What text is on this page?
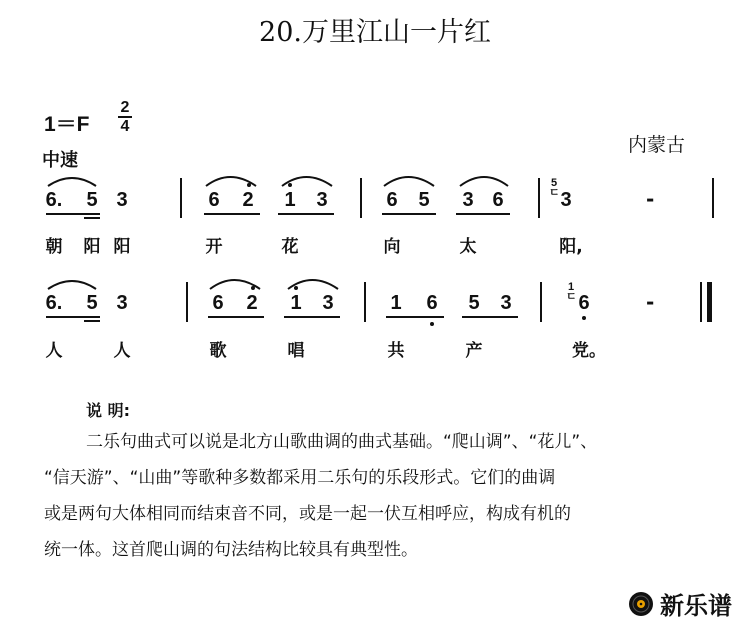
20.万里江山一片红
1＝F
2
4
中速
内蒙古
6. 5 3	6 2 1 3	6 5 3 6
5
ㄷ 3	-
朝 阳 阳	开	花	向	太	阳,
6. 5 3	6 2 1 3	1 6 5 3
1
ㄷ 6	-
人	人	歌	唱	共	产	党。
说 明:

二乐句曲式可以说是北方山歌曲调的曲式基础。“爬山调”、“花儿”、

“信天游”、“山曲”等歌种多数都采用二乐句的乐段形式。它们的曲调

或是两句大体相同而结束音不同，或是一起一伏互相呼应，构成有机的

统一体。这首爬山调的句法结构比较具有典型性。

新乐谱
